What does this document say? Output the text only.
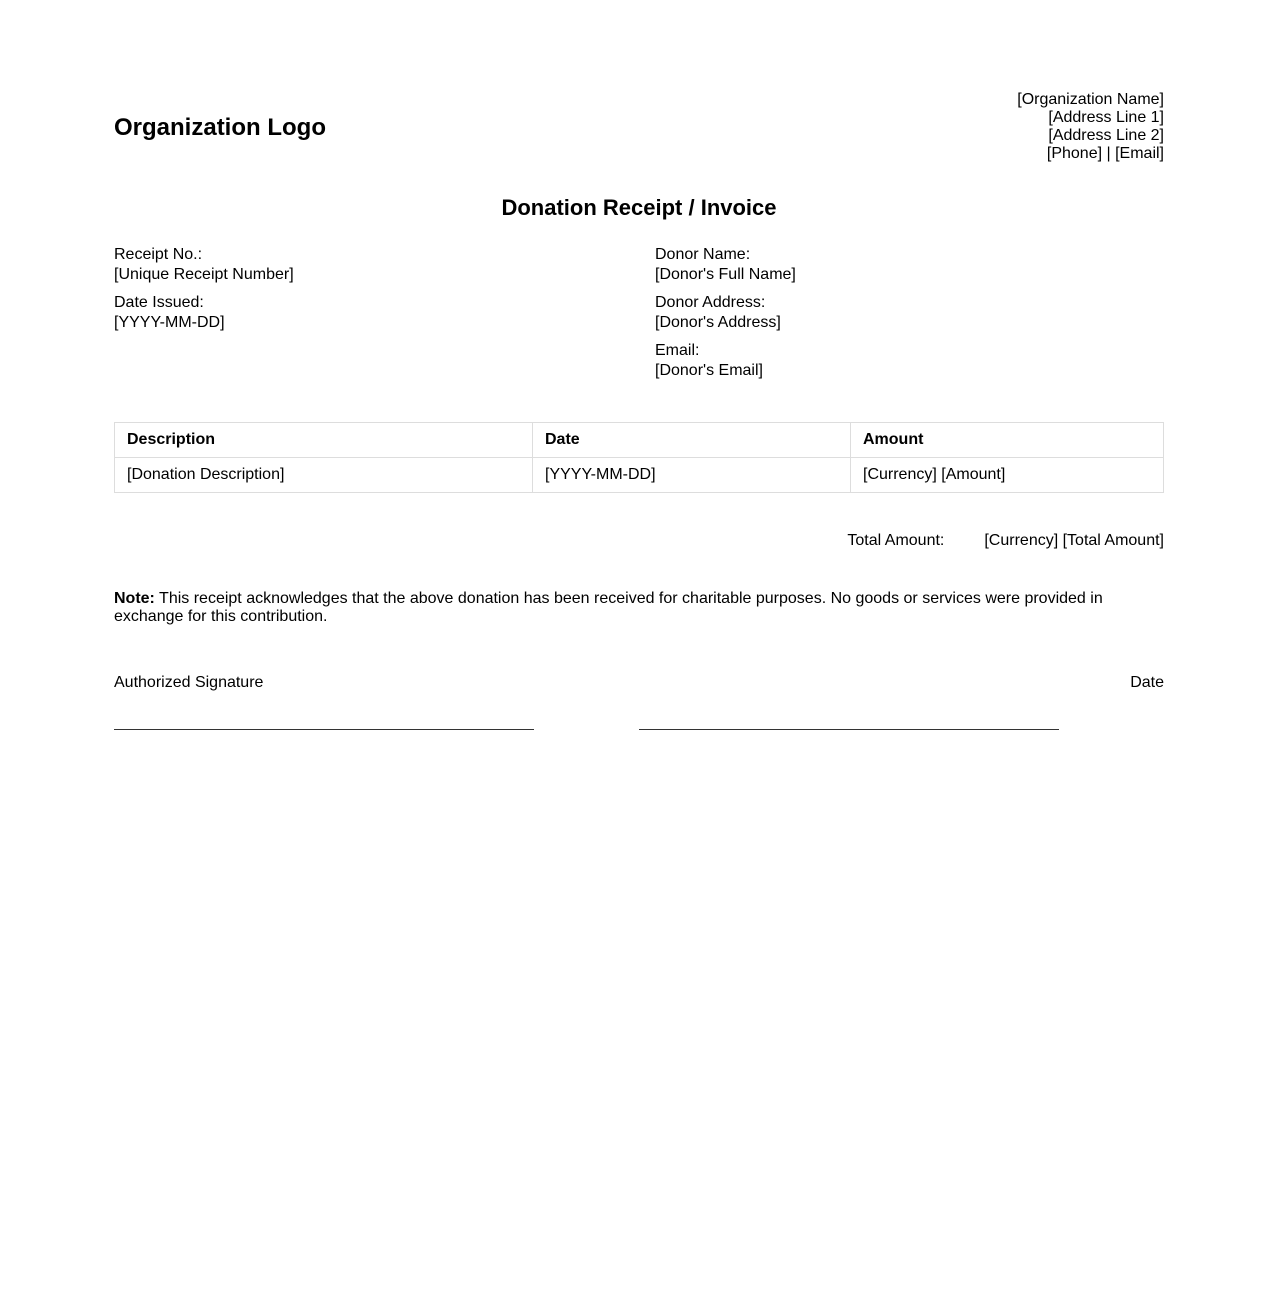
Organization Logo
[Organization Name]
[Address Line 1]
[Address Line 2]
[Phone] | [Email]
Donation Receipt / Invoice
Receipt No.:
[Unique Receipt Number]
Date Issued:
[YYYY-MM-DD]
Donor Name:
[Donor's Full Name]
Donor Address:
[Donor's Address]
Email:
[Donor's Email]
Description	Date	Amount
[Donation Description]	[YYYY-MM-DD]	[Currency] [Amount]
Total Amount:	[Currency] [Total Amount]
Note: This receipt acknowledges that the above donation has been received for charitable purposes. No goods or services were provided in exchange for this contribution.
Authorized Signature	Date
